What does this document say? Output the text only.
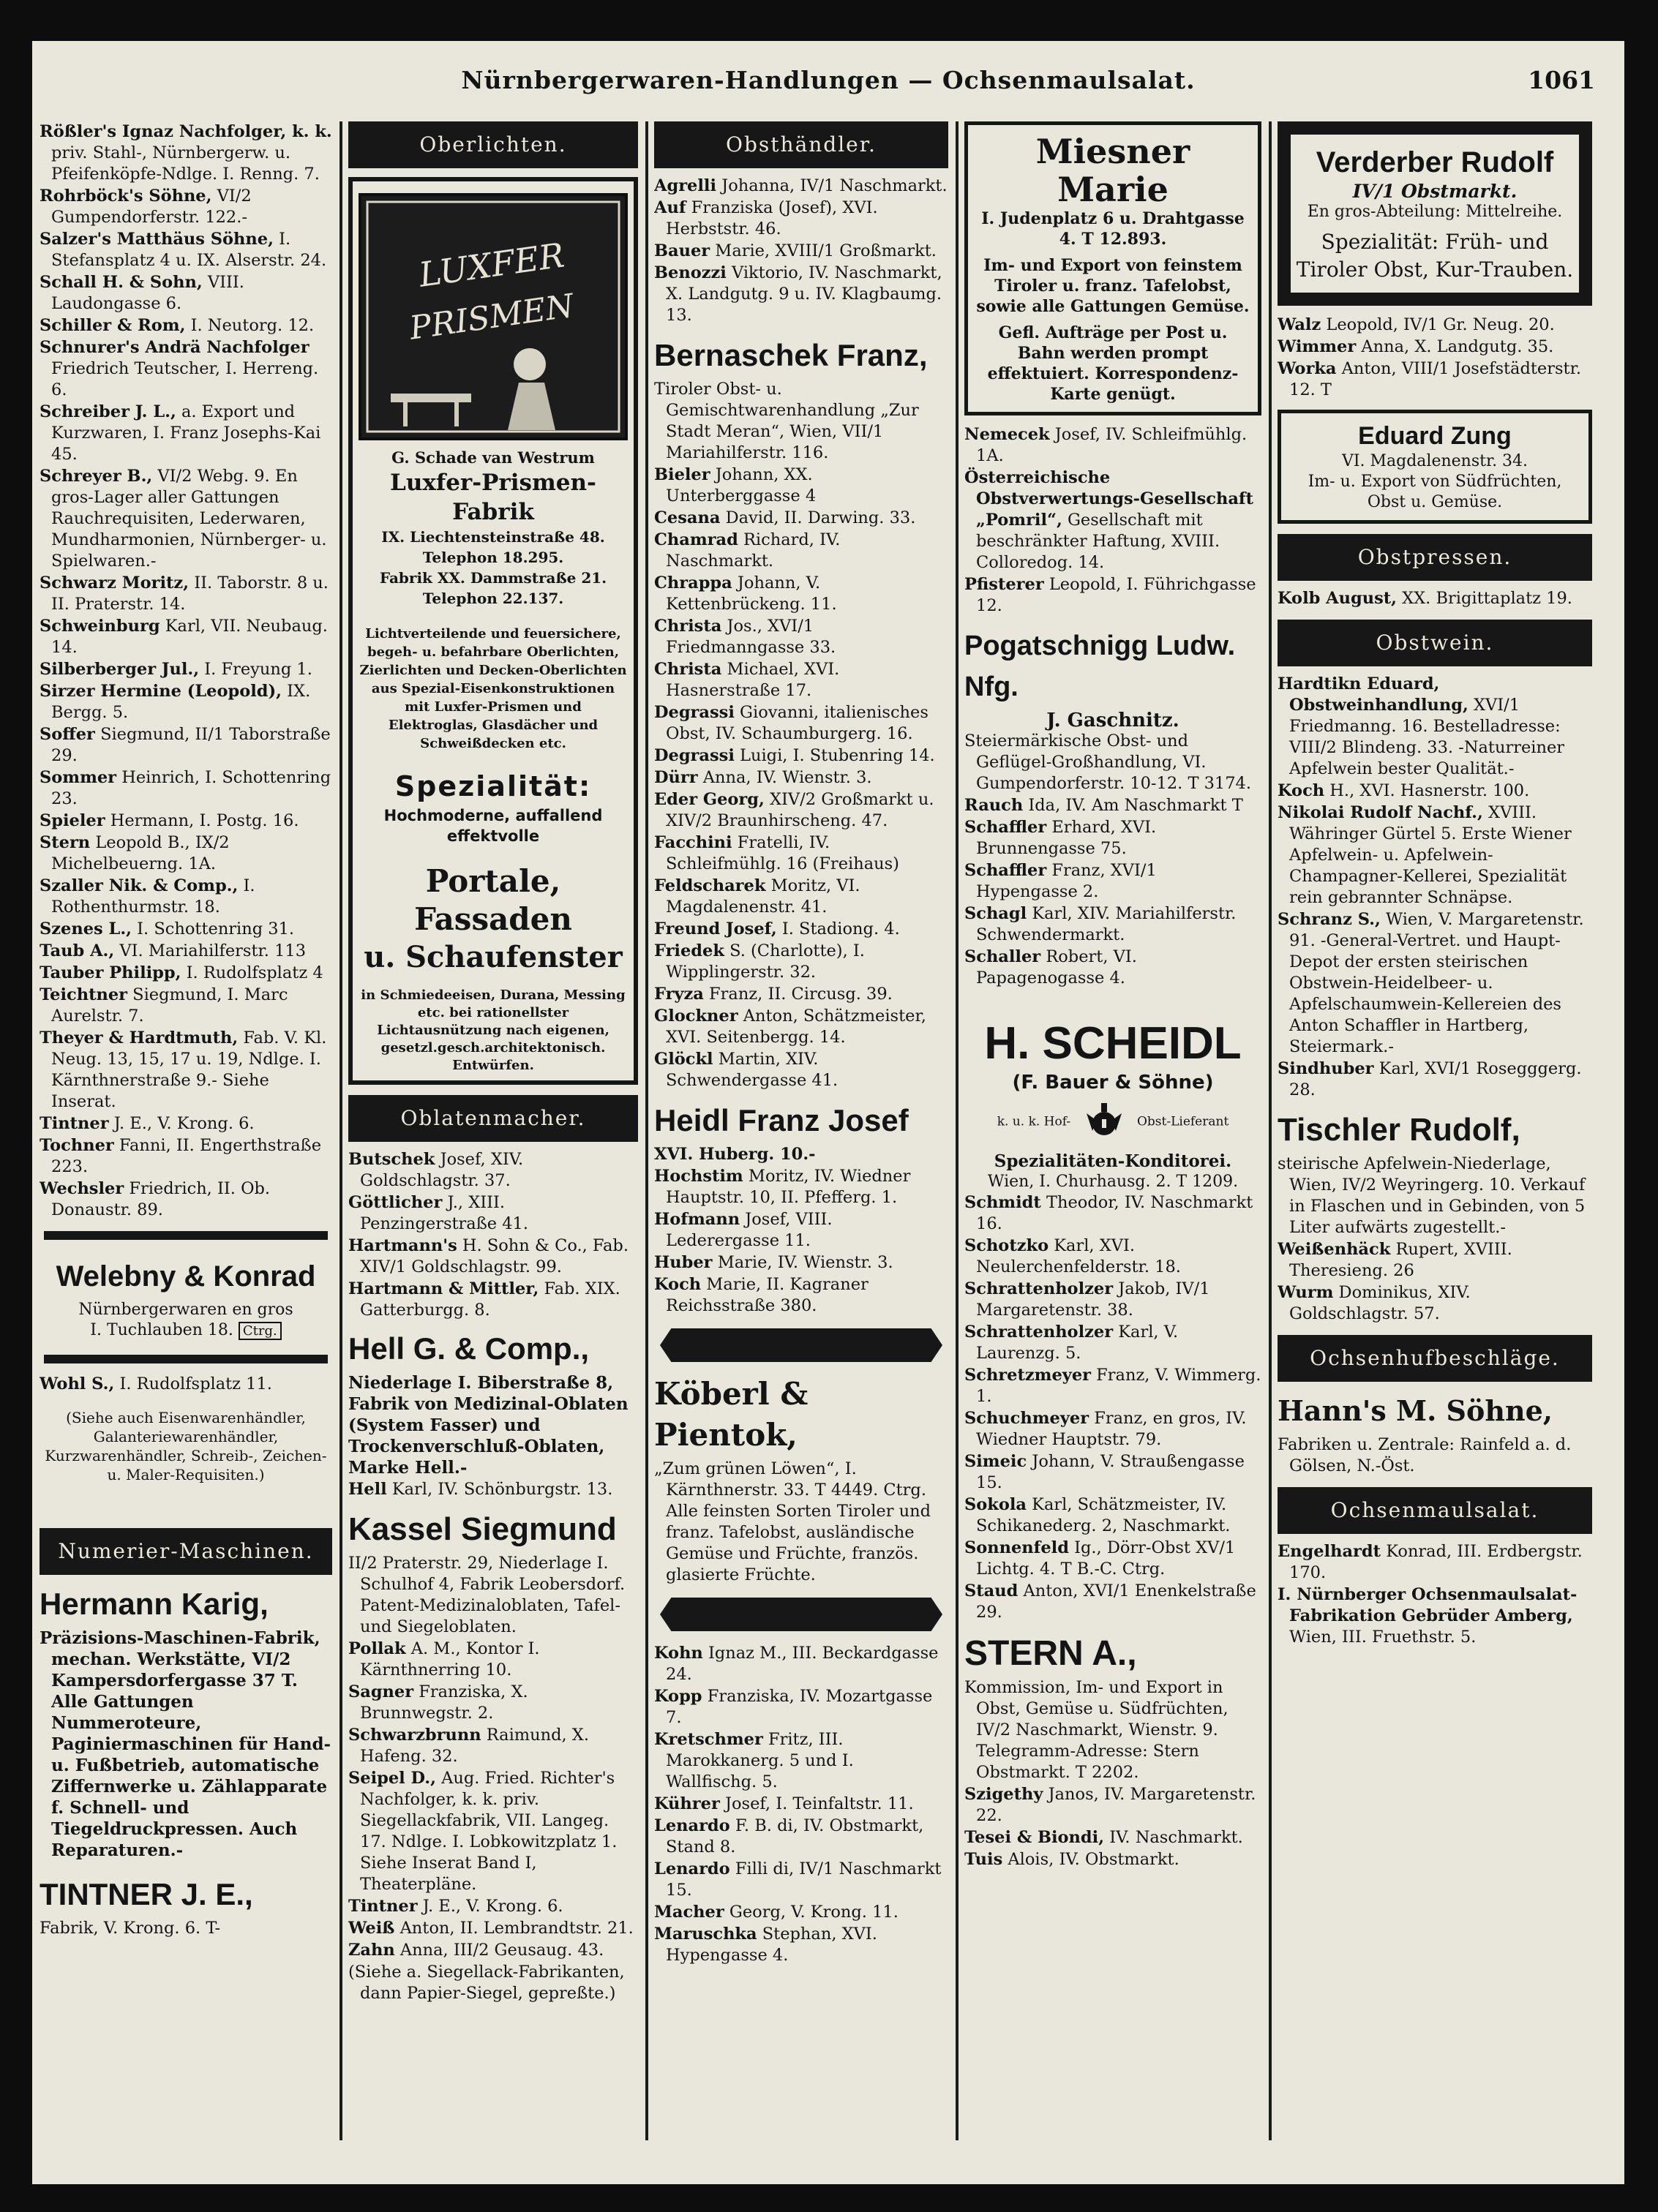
Nürnbergerwaren-Handlungen — Ochsenmaulsalat.	1061

Rößler's Ignaz Nachfolger, k. k. priv. Stahl-, Nürnbergerw. u. Pfeifenköpfe-Ndlge. I. Renng. 7.

Rohrböck's Söhne, VI/2 Gumpendorferstr. 122.-

Salzer's Matthäus Söhne, I. Stefansplatz 4 u. IX. Alserstr. 24.

Schall H. & Sohn, VIII. Laudongasse 6.

Schiller & Rom, I. Neutorg. 12.

Schnurer's Andrä Nachfolger Friedrich Teutscher, I. Herreng. 6.

Schreiber J. L., a. Export und Kurzwaren, I. Franz Josephs-Kai 45.

Schreyer B., VI/2 Webg. 9. En gros-Lager aller Gattungen Rauchrequisiten, Lederwaren, Mundharmonien, Nürnberger- u. Spielwaren.-

Schwarz Moritz, II. Taborstr. 8 u. II. Praterstr. 14.

Schweinburg Karl, VII. Neubaug. 14.

Silberberger Jul., I. Freyung 1.

Sirzer Hermine (Leopold), IX. Bergg. 5.

Soffer Siegmund, II/1 Taborstraße 29.

Sommer Heinrich, I. Schottenring 23.

Spieler Hermann, I. Postg. 16.

Stern Leopold B., IX/2 Michelbeuerng. 1A.

Szaller Nik. & Comp., I. Rothenthurmstr. 18.

Szenes L., I. Schottenring 31.

Taub A., VI. Mariahilferstr. 113

Tauber Philipp, I. Rudolfsplatz 4

Teichtner Siegmund, I. Marc Aurelstr. 7.

Theyer & Hardtmuth, Fab. V. Kl. Neug. 13, 15, 17 u. 19, Ndlge. I. Kärnthnerstraße 9.- Siehe Inserat.

Tintner J. E., V. Krong. 6.

Tochner Fanni, II. Engerthstraße 223.

Wechsler Friedrich, II. Ob. Donaustr. 89.

Welebny & Konrad
Nürnbergerwaren en gros
I. Tuchlauben 18. Ctrg.

Wohl S., I. Rudolfsplatz 11.

(Siehe auch Eisenwarenhändler, Galanteriewarenhändler, Kurzwarenhändler, Schreib-, Zeichen- u. Maler-Requisiten.)

Numerier-Maschinen.
Hermann Karig,

Präzisions-Maschinen-Fabrik, mechan. Werkstätte, VI/2 Kampersdorfergasse 37 T. Alle Gattungen Nummeroteure, Paginiermaschinen für Hand- u. Fußbetrieb, automatische Ziffernwerke u. Zählapparate f. Schnell- und Tiegeldruckpressen. Auch Reparaturen.-

TINTNER J. E.,

Fabrik, V. Krong. 6. T-

Oberlichten.
LUXFER
PRISMEN
G. Schade van Westrum
Luxfer-Prismen-Fabrik
IX. Liechtensteinstraße 48.
Telephon 18.295.
Fabrik XX. Dammstraße 21.
Telephon 22.137.
Lichtverteilende und feuersichere, begeh- u. befahrbare Oberlichten, Zierlichten und Decken-Oberlichten aus Spezial-Eisenkonstruktionen mit Luxfer-Prismen und Elektroglas, Glasdächer und Schweißdecken etc.
Spezialität:
Hochmoderne, auffallend effektvolle
Portale, Fassaden
u. Schaufenster
in Schmiedeeisen, Durana, Messing etc. bei rationellster Lichtausnützung nach eigenen, gesetzl.gesch.architektonisch. Entwürfen.
Oblatenmacher.

Butschek Josef, XIV. Goldschlagstr. 37.

Göttlicher J., XIII. Penzingerstraße 41.

Hartmann's H. Sohn & Co., Fab. XIV/1 Goldschlagstr. 99.

Hartmann & Mittler, Fab. XIX. Gatterburgg. 8.

Hell G. & Comp.,

Niederlage I. Biberstraße 8, Fabrik von Medizinal-Oblaten (System Fasser) und Trockenverschluß-Oblaten, Marke Hell.-

Hell Karl, IV. Schönburgstr. 13.

Kassel Siegmund

II/2 Praterstr. 29, Niederlage I. Schulhof 4, Fabrik Leobersdorf. Patent-Medizinaloblaten, Tafel- und Siegeloblaten.

Pollak A. M., Kontor I. Kärnthnerring 10.

Sagner Franziska, X. Brunnwegstr. 2.

Schwarzbrunn Raimund, X. Hafeng. 32.

Seipel D., Aug. Fried. Richter's Nachfolger, k. k. priv. Siegellackfabrik, VII. Langeg. 17. Ndlge. I. Lobkowitzplatz 1. Siehe Inserat Band I, Theaterpläne.

Tintner J. E., V. Krong. 6.

Weiß Anton, II. Lembrandtstr. 21.

Zahn Anna, III/2 Geusaug. 43.

(Siehe a. Siegellack-Fabrikanten, dann Papier-Siegel, gepreßte.)

Obsthändler.

Agrelli Johanna, IV/1 Naschmarkt.

Auf Franziska (Josef), XVI. Herbststr. 46.

Bauer Marie, XVIII/1 Großmarkt.

Benozzi Viktorio, IV. Naschmarkt, X. Landgutg. 9 u. IV. Klagbaumg. 13.

Bernaschek Franz,

Tiroler Obst- u. Gemischtwarenhandlung „Zur Stadt Meran“, Wien, VII/1 Mariahilferstr. 116.

Bieler Johann, XX. Unterberggasse 4

Cesana David, II. Darwing. 33.

Chamrad Richard, IV. Naschmarkt.

Chrappa Johann, V. Kettenbrückeng. 11.

Christa Jos., XVI/1 Friedmanngasse 33.

Christa Michael, XVI. Hasnerstraße 17.

Degrassi Giovanni, italienisches Obst, IV. Schaumburgerg. 16.

Degrassi Luigi, I. Stubenring 14.

Dürr Anna, IV. Wienstr. 3.

Eder Georg, XIV/2 Großmarkt u. XIV/2 Braunhirscheng. 47.

Facchini Fratelli, IV. Schleifmühlg. 16 (Freihaus)

Feldscharek Moritz, VI. Magdalenenstr. 41.

Freund Josef, I. Stadiong. 4.

Friedek S. (Charlotte), I. Wipplingerstr. 32.

Fryza Franz, II. Circusg. 39.

Glockner Anton, Schätzmeister, XVI. Seitenbergg. 14.

Glöckl Martin, XIV. Schwendergasse 41.

Heidl Franz Josef

XVI. Huberg. 10.-

Hochstim Moritz, IV. Wiedner Hauptstr. 10, II. Pfefferg. 1.

Hofmann Josef, VIII. Lederergasse 11.

Huber Marie, IV. Wienstr. 3.

Koch Marie, II. Kagraner Reichsstraße 380.

Köberl & Pientok,

„Zum grünen Löwen“, I. Kärnthnerstr. 33. T 4449. Ctrg. Alle feinsten Sorten Tiroler und franz. Tafelobst, ausländische Gemüse und Früchte, französ. glasierte Früchte.

Kohn Ignaz M., III. Beckardgasse 24.

Kopp Franziska, IV. Mozartgasse 7.

Kretschmer Fritz, III. Marokkanerg. 5 und I. Wallfischg. 5.

Kührer Josef, I. Teinfaltstr. 11.

Lenardo F. B. di, IV. Obstmarkt, Stand 8.

Lenardo Filli di, IV/1 Naschmarkt 15.

Macher Georg, V. Krong. 11.

Maruschka Stephan, XVI. Hypengasse 4.

Miesner Marie
I. Judenplatz 6 u. Drahtgasse 4. T 12.893.
Im- und Export von feinstem Tiroler u. franz. Tafelobst, sowie alle Gattungen Gemüse.
Gefl. Aufträge per Post u. Bahn werden prompt effektuiert. Korrespondenz-Karte genügt.

Nemecek Josef, IV. Schleifmühlg. 1A.

Österreichische Obstverwertungs-Gesellschaft „Pomril“, Gesellschaft mit beschränkter Haftung, XVIII. Colloredog. 14.

Pfisterer Leopold, I. Führichgasse 12.

Pogatschnigg Ludw. Nfg.
J. Gaschnitz.

Steiermärkische Obst- und Geflügel-Großhandlung, VI. Gumpendorferstr. 10-12. T 3174.

Rauch Ida, IV. Am Naschmarkt T

Schaffler Erhard, XVI. Brunnengasse 75.

Schaffler Franz, XVI/1 Hypengasse 2.

Schagl Karl, XIV. Mariahilferstr. Schwendermarkt.

Schaller Robert, VI. Papagenogasse 4.

H. SCHEIDL
(F. Bauer & Söhne)
k. u. k. Hof-	Obst-Lieferant
Spezialitäten-Konditorei.
Wien, I. Churhausg. 2. T 1209.

Schmidt Theodor, IV. Naschmarkt 16.

Schotzko Karl, XVI. Neulerchenfelderstr. 18.

Schrattenholzer Jakob, IV/1 Margaretenstr. 38.

Schrattenholzer Karl, V. Laurenzg. 5.

Schretzmeyer Franz, V. Wimmerg. 1.

Schuchmeyer Franz, en gros, IV. Wiedner Hauptstr. 79.

Simeic Johann, V. Straußengasse 15.

Sokola Karl, Schätzmeister, IV. Schikanederg. 2, Naschmarkt.

Sonnenfeld Ig., Dörr-Obst XV/1 Lichtg. 4. T B.-C. Ctrg.

Staud Anton, XVI/1 Enenkelstraße 29.

STERN A.,

Kommission, Im- und Export in Obst, Gemüse u. Südfrüchten, IV/2 Naschmarkt, Wienstr. 9. Telegramm-Adresse: Stern Obstmarkt. T 2202.

Szigethy Janos, IV. Margaretenstr. 22.

Tesei & Biondi, IV. Naschmarkt.

Tuis Alois, IV. Obstmarkt.

Verderber Rudolf
IV/1 Obstmarkt.
En gros-Abteilung: Mittelreihe.
Spezialität: Früh- und Tiroler Obst, Kur-Trauben.

Walz Leopold, IV/1 Gr. Neug. 20.

Wimmer Anna, X. Landgutg. 35.

Worka Anton, VIII/1 Josefstädterstr. 12. T

Eduard Zung
VI. Magdalenenstr. 34.
Im- u. Export von Südfrüchten, Obst u. Gemüse.
Obstpressen.

Kolb August, XX. Brigittaplatz 19.

Obstwein.

Hardtikn Eduard, Obstweinhandlung, XVI/1 Friedmanng. 16. Bestelladresse: VIII/2 Blindeng. 33. -Naturreiner Apfelwein bester Qualität.-

Koch H., XVI. Hasnerstr. 100.

Nikolai Rudolf Nachf., XVIII. Währinger Gürtel 5. Erste Wiener Apfelwein- u. Apfelwein-Champagner-Kellerei, Spezialität rein gebrannter Schnäpse.

Schranz S., Wien, V. Margaretenstr. 91. -General-Vertret. und Haupt-Depot der ersten steirischen Obstwein-Heidelbeer- u. Apfelschaumwein-Kellereien des Anton Schaffler in Hartberg, Steiermark.-

Sindhuber Karl, XVI/1 Rosegggerg. 28.

Tischler Rudolf,

steirische Apfelwein-Niederlage, Wien, IV/2 Weyringerg. 10. Verkauf in Flaschen und in Gebinden, von 5 Liter aufwärts zugestellt.-

Weißenhäck Rupert, XVIII. Theresieng. 26

Wurm Dominikus, XIV. Goldschlagstr. 57.

Ochsenhufbeschläge.
Hann's M. Söhne,

Fabriken u. Zentrale: Rainfeld a. d. Gölsen, N.-Öst.

Ochsenmaulsalat.

Engelhardt Konrad, III. Erdbergstr. 170.

I. Nürnberger Ochsenmaulsalat-Fabrikation Gebrüder Amberg, Wien, III. Fruethstr. 5.
